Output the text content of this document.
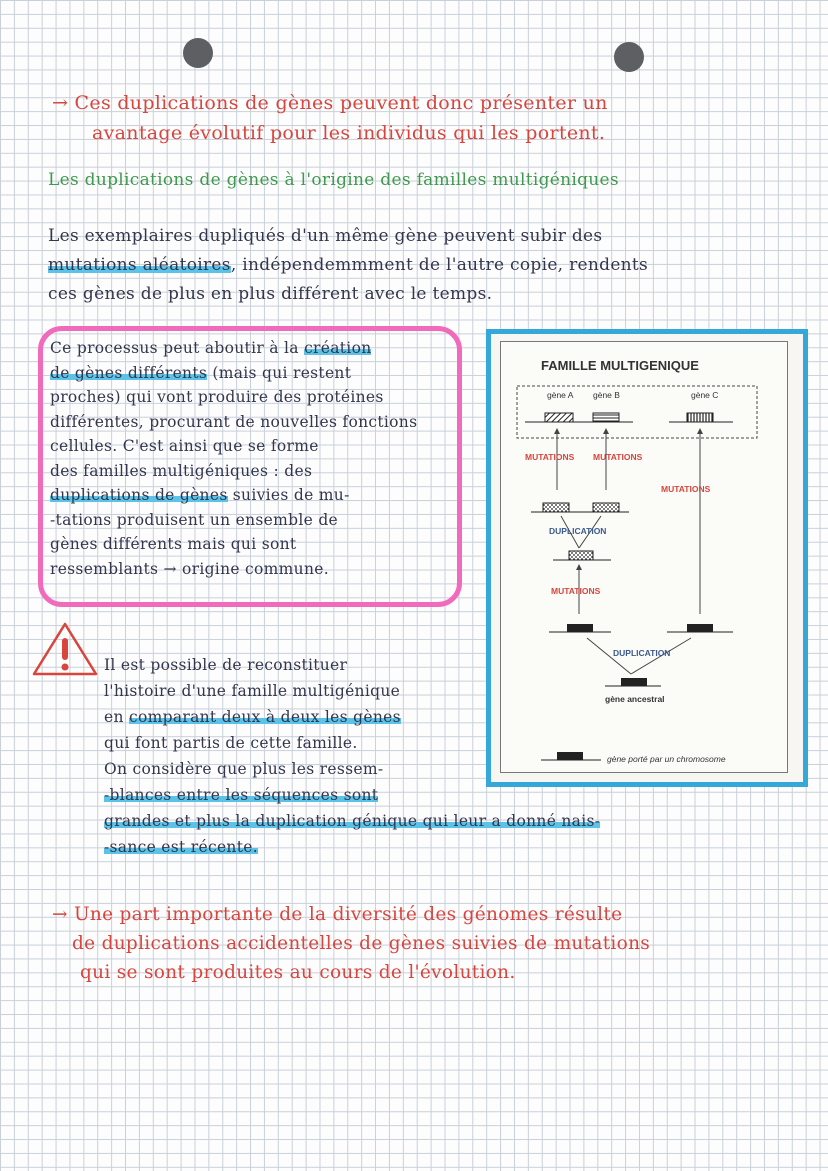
→ Ces duplications de gènes peuvent donc présenter un
avantage évolutif pour les individus qui les portent.
Les duplications de gènes à l'origine des familles multigéniques
Les exemplaires dupliqués d'un même gène peuvent subir des
mutations aléatoires, indépendemmment de l'autre copie, rendents
ces gènes de plus en plus différent avec le temps.
Ce processus peut aboutir à la création
de gènes différents (mais qui restent
proches) qui vont produire des protéines
différentes, procurant de nouvelles fonctions
cellules. C'est ainsi que se forme
des familles multigéniques : des
duplications de gènes suivies de mu-
-tations produisent un ensemble de
gènes différents mais qui sont
ressemblants → origine commune.
FAMILLE MULTIGENIQUE
gène A gène B	gène C
MUTATIONS MUTATIONS
MUTATIONS
DUPLICATION
MUTATIONS
DUPLICATION
gène ancestral
gène porté par un chromosome
Il est possible de reconstituer
l'histoire d'une famille multigénique
en comparant deux à deux les gènes
qui font partis de cette famille.
On considère que plus les ressem-
-blances entre les séquences sont
grandes et plus la duplication génique qui leur a donné nais-
-sance est récente.
→ Une part importante de la diversité des génomes résulte
de duplications accidentelles de gènes suivies de mutations
qui se sont produites au cours de l'évolution.
